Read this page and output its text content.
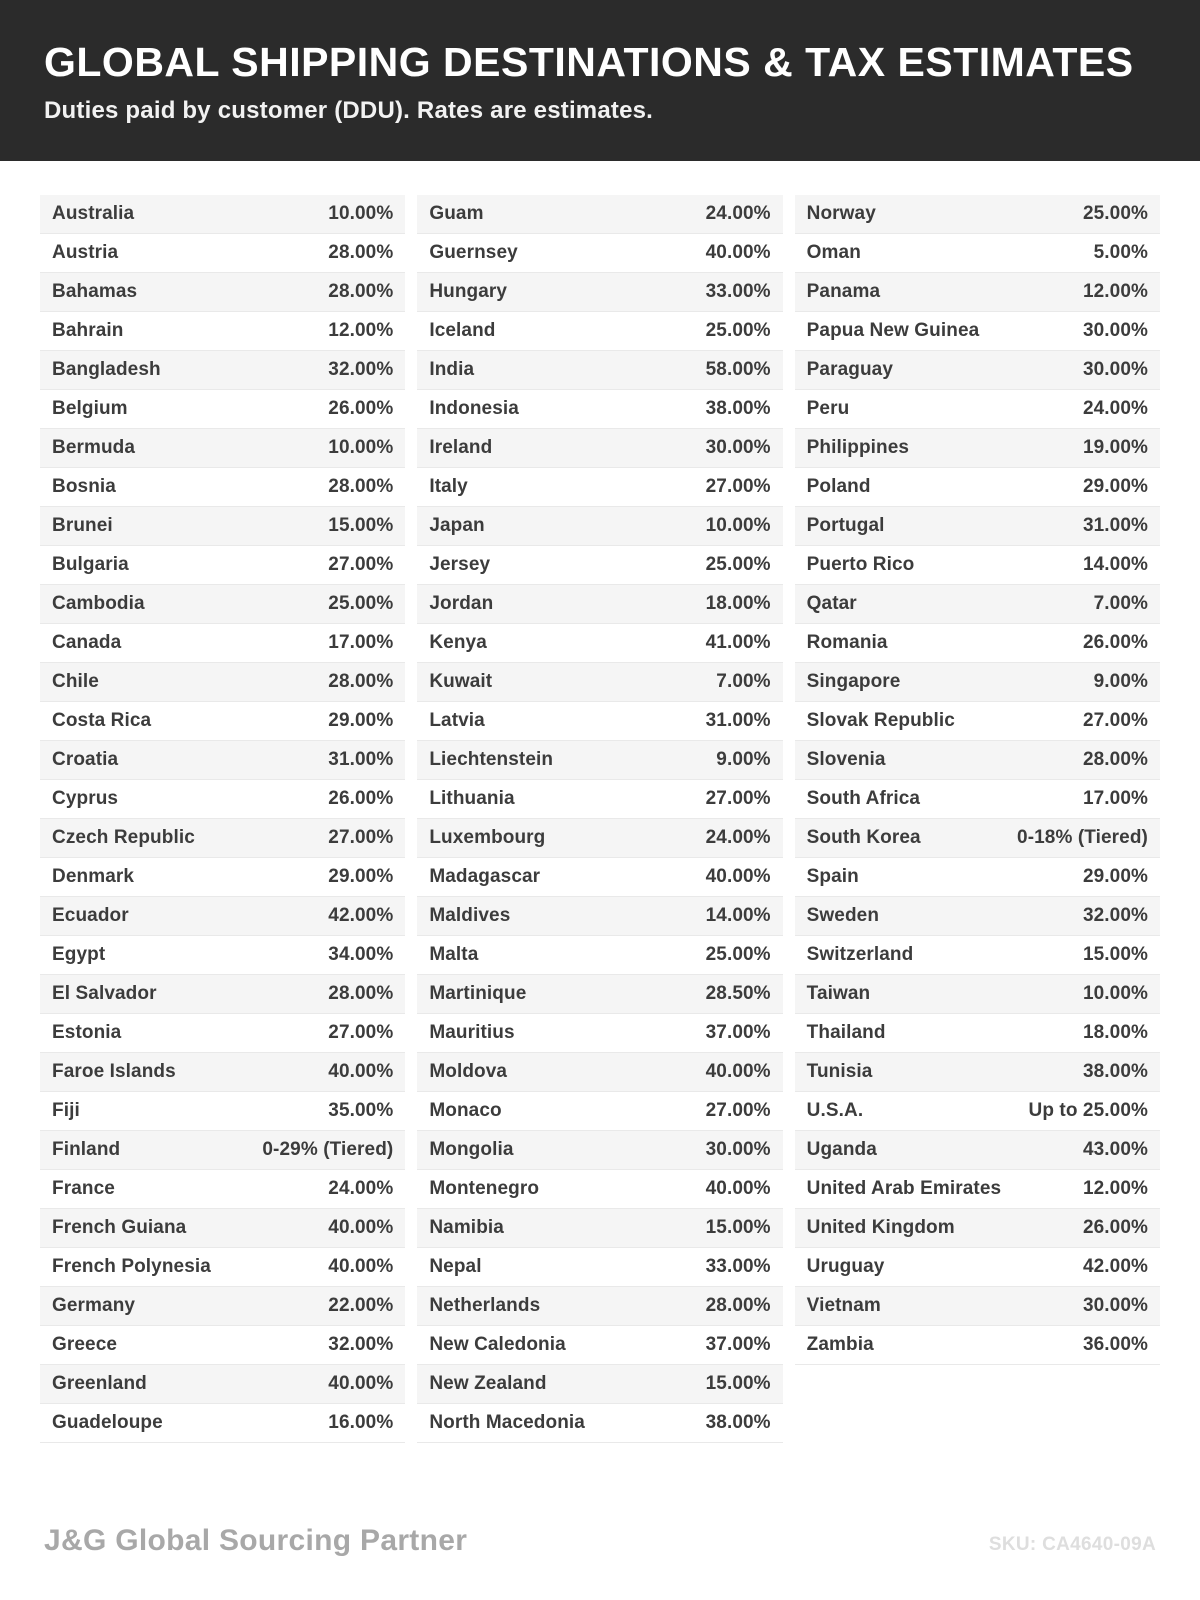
GLOBAL SHIPPING DESTINATIONS & TAX ESTIMATES
Duties paid by customer (DDU). Rates are estimates.
Australia	10.00%
Austria	28.00%
Bahamas	28.00%
Bahrain	12.00%
Bangladesh	32.00%
Belgium	26.00%
Bermuda	10.00%
Bosnia	28.00%
Brunei	15.00%
Bulgaria	27.00%
Cambodia	25.00%
Canada	17.00%
Chile	28.00%
Costa Rica	29.00%
Croatia	31.00%
Cyprus	26.00%
Czech Republic	27.00%
Denmark	29.00%
Ecuador	42.00%
Egypt	34.00%
El Salvador	28.00%
Estonia	27.00%
Faroe Islands	40.00%
Fiji	35.00%
Finland	0-29% (Tiered)
France	24.00%
French Guiana	40.00%
French Polynesia	40.00%
Germany	22.00%
Greece	32.00%
Greenland	40.00%
Guadeloupe	16.00%
Guam	24.00%
Guernsey	40.00%
Hungary	33.00%
Iceland	25.00%
India	58.00%
Indonesia	38.00%
Ireland	30.00%
Italy	27.00%
Japan	10.00%
Jersey	25.00%
Jordan	18.00%
Kenya	41.00%
Kuwait	7.00%
Latvia	31.00%
Liechtenstein	9.00%
Lithuania	27.00%
Luxembourg	24.00%
Madagascar	40.00%
Maldives	14.00%
Malta	25.00%
Martinique	28.50%
Mauritius	37.00%
Moldova	40.00%
Monaco	27.00%
Mongolia	30.00%
Montenegro	40.00%
Namibia	15.00%
Nepal	33.00%
Netherlands	28.00%
New Caledonia	37.00%
New Zealand	15.00%
North Macedonia	38.00%
Norway	25.00%
Oman	5.00%
Panama	12.00%
Papua New Guinea	30.00%
Paraguay	30.00%
Peru	24.00%
Philippines	19.00%
Poland	29.00%
Portugal	31.00%
Puerto Rico	14.00%
Qatar	7.00%
Romania	26.00%
Singapore	9.00%
Slovak Republic	27.00%
Slovenia	28.00%
South Africa	17.00%
South Korea	0-18% (Tiered)
Spain	29.00%
Sweden	32.00%
Switzerland	15.00%
Taiwan	10.00%
Thailand	18.00%
Tunisia	38.00%
U.S.A.	Up to 25.00%
Uganda	43.00%
United Arab Emirates	12.00%
United Kingdom	26.00%
Uruguay	42.00%
Vietnam	30.00%
Zambia	36.00%
J&G Global Sourcing Partner	SKU: CA4640-09A
